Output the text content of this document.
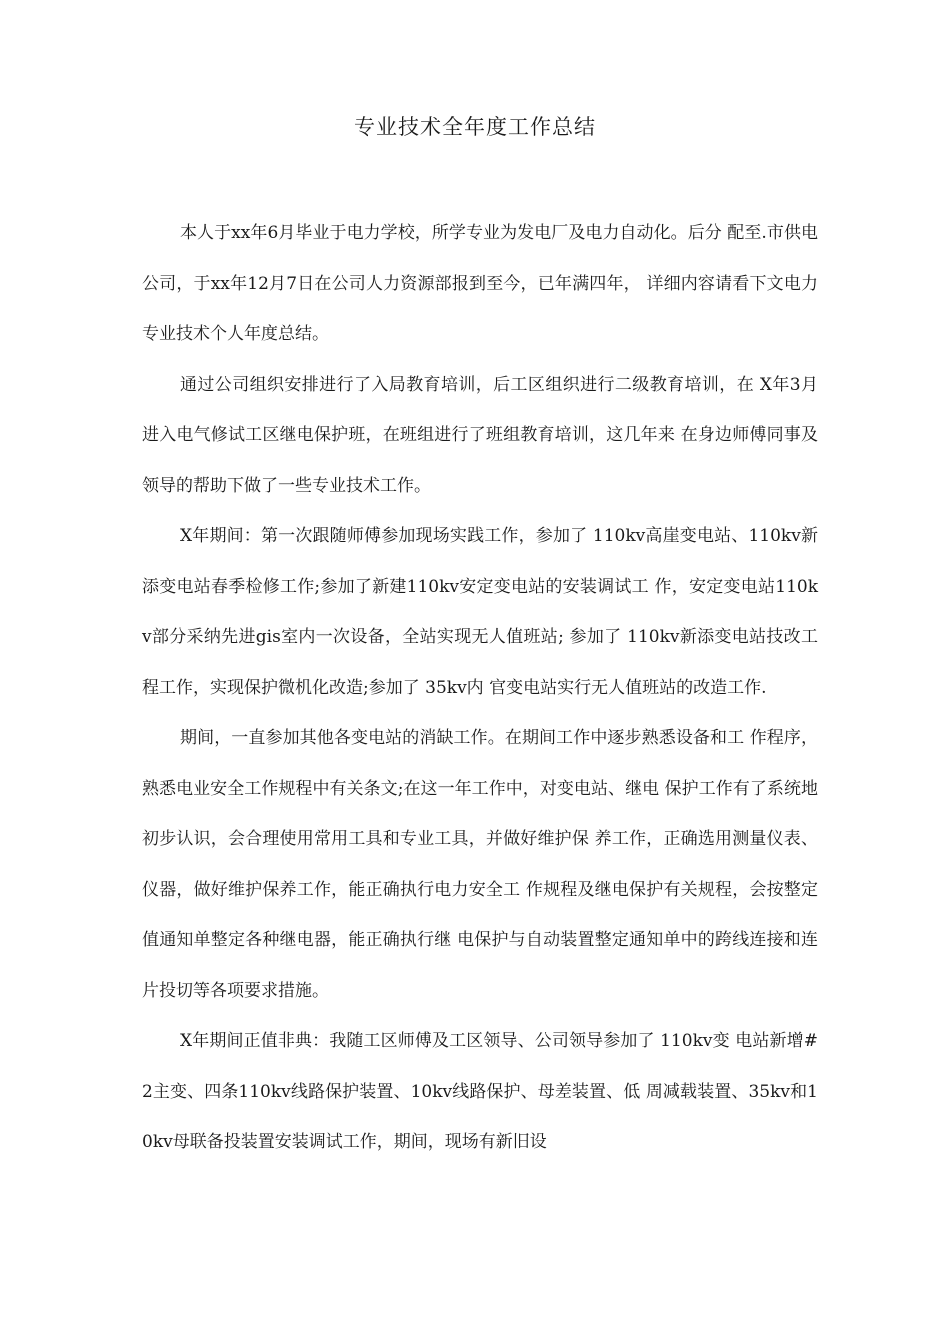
专业技术全年度工作总结

本人于xx年6月毕业于电力学校，所学专业为发电厂及电力自动化。后分 配至.市供电公司，于xx年12月7日在公司人力资源部报到至今，已年满四年， 详细内容请看下文电力专业技术个人年度总结。

通过公司组织安排进行了入局教育培训，后工区组织进行二级教育培训，在 X年3月进入电气修试工区继电保护班，在班组进行了班组教育培训，这几年来 在身边师傅同事及领导的帮助下做了一些专业技术工作。

X年期间：第一次跟随师傅参加现场实践工作，参加了 110kv高崖变电站、110kv新添变电站春季检修工作;参加了新建110kv安定变电站的安装调试工 作，安定变电站110kv部分采纳先进gis室内一次设备，全站实现无人值班站; 参加了 110kv新添变电站技改工程工作，实现保护微机化改造;参加了 35kv内 官变电站实行无人值班站的改造工作.

期间，一直参加其他各变电站的消缺工作。在期间工作中逐步熟悉设备和工 作程序，熟悉电业安全工作规程中有关条文;在这一年工作中，对变电站、继电 保护工作有了系统地初步认识，会合理使用常用工具和专业工具，并做好维护保 养工作，正确选用测量仪表、仪器，做好维护保养工作，能正确执行电力安全工 作规程及继电保护有关规程，会按整定值通知单整定各种继电器，能正确执行继 电保护与自动装置整定通知单中的跨线连接和连片投切等各项要求措施。

X年期间正值非典：我随工区师傅及工区领导、公司领导参加了 110kv变 电站新增#2主变、四条110kv线路保护装置、10kv线路保护、母差装置、低 周减载装置、35kv和10kv母联备投装置安装调试工作，期间，现场有新旧设
